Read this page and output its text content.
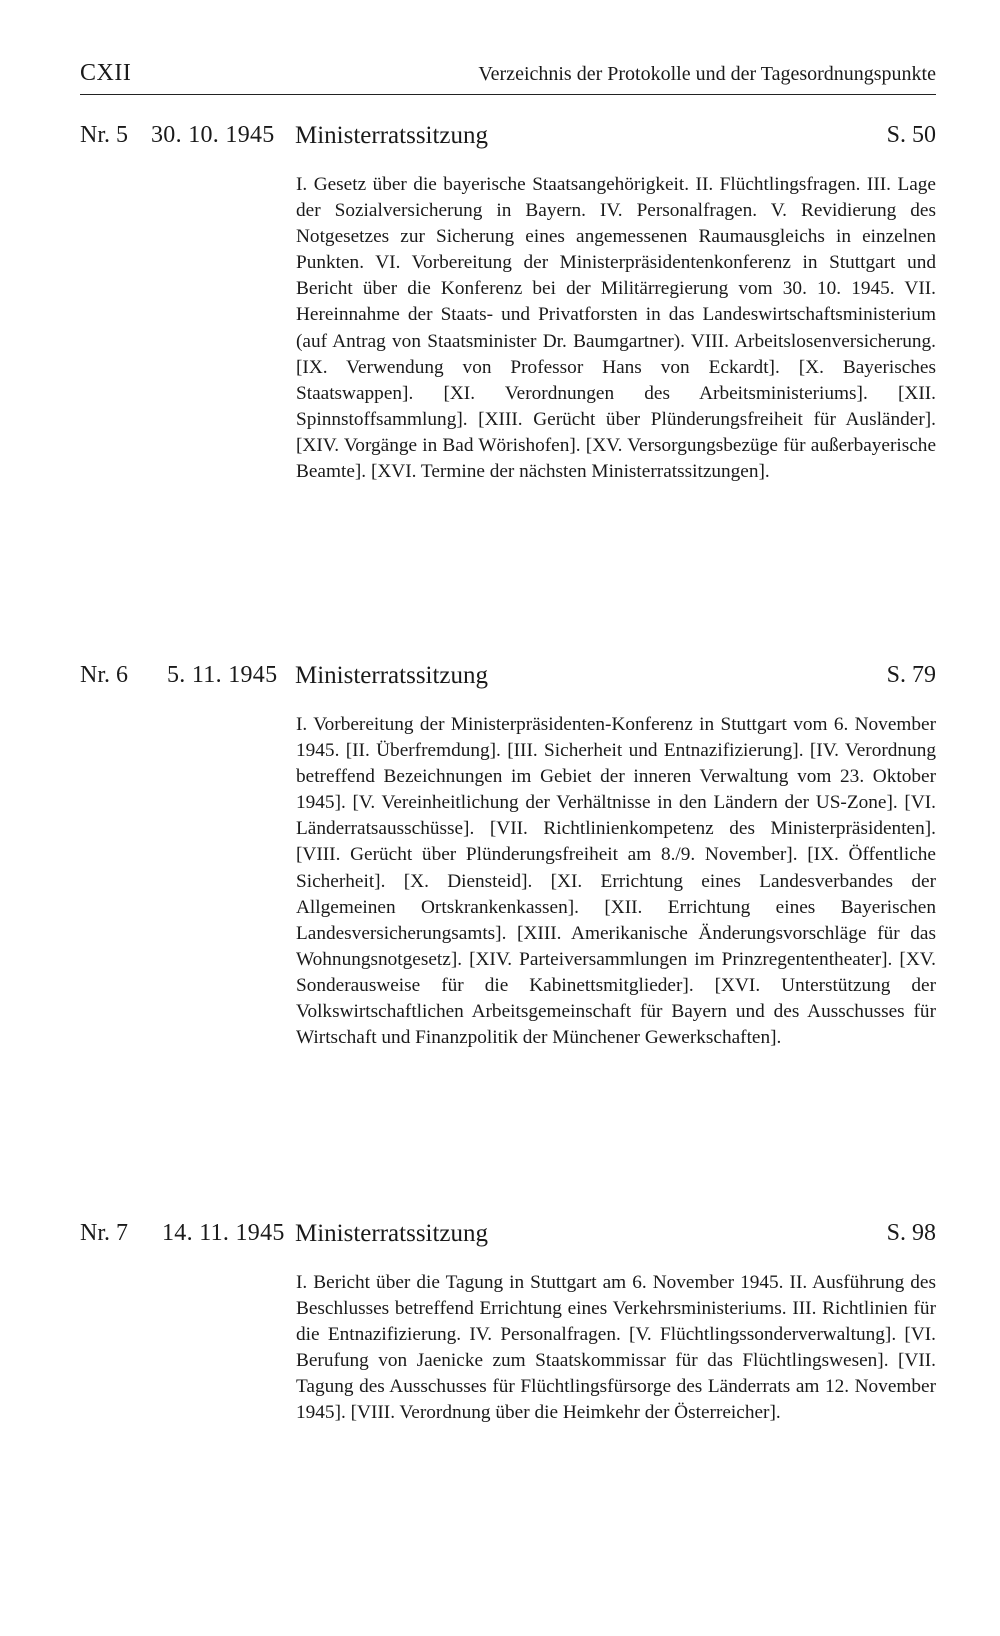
CXII	Verzeichnis der Protokolle und der Tagesordnungspunkte
Nr. 5 30. 10. 1945 Ministerratssitzung	S. 50

I. Gesetz über die bayerische Staatsangehörigkeit. II. Flüchtlingsfragen. III. Lage der Sozialversicherung in Bayern. IV. Personalfragen. V. Revidierung des Notgesetzes zur Sicherung eines angemessenen Raumausgleichs in einzelnen Punkten. VI. Vorbereitung der Ministerpräsidentenkonferenz in Stuttgart und Bericht über die Konferenz bei der Militärregierung vom 30. 10. 1945. VII. Hereinnahme der Staats- und Privatforsten in das Landeswirtschaftsministerium (auf Antrag von Staatsminister Dr. Baumgartner). VIII. Arbeitslosenversicherung. [IX. Verwendung von Professor Hans von Eckardt]. [X. Bayerisches Staatswappen]. [XI. Verordnungen des Arbeitsministeriums]. [XII. Spinnstoffsammlung]. [XIII. Gerücht über Plünderungsfreiheit für Ausländer]. [XIV. Vorgänge in Bad Wörishofen]. [XV. Versorgungsbezüge für außerbayerische Beamte]. [XVI. Termine der nächsten Ministerratssitzungen].

Nr. 6 5. 11. 1945 Ministerratssitzung	S. 79

I. Vorbereitung der Ministerpräsidenten-Konferenz in Stuttgart vom 6. November 1945. [II. Überfremdung]. [III. Sicherheit und Entnazifizierung]. [IV. Verordnung betreffend Bezeichnungen im Gebiet der inneren Verwaltung vom 23. Oktober 1945]. [V. Vereinheitlichung der Verhältnisse in den Ländern der US-Zone]. [VI. Länderratsausschüsse]. [VII. Richtlinienkompetenz des Ministerpräsidenten]. [VIII. Gerücht über Plünderungsfreiheit am 8./9. November]. [IX. Öffentliche Sicherheit]. [X. Diensteid]. [XI. Errichtung eines Landesverbandes der Allgemeinen Ortskrankenkassen]. [XII. Errichtung eines Bayerischen Landesversicherungsamts]. [XIII. Amerikanische Änderungsvorschläge für das Wohnungsnotgesetz]. [XIV. Parteiversammlungen im Prinzregententheater]. [XV. Sonderausweise für die Kabinettsmitglieder]. [XVI. Unterstützung der Volkswirtschaftlichen Arbeitsgemeinschaft für Bayern und des Ausschusses für Wirtschaft und Finanzpolitik der Münchener Gewerkschaften].

Nr. 7 14. 11. 1945 Ministerratssitzung	S. 98

I. Bericht über die Tagung in Stuttgart am 6. November 1945. II. Ausführung des Beschlusses betreffend Errichtung eines Verkehrsministeriums. III. Richtlinien für die Entnazifizierung. IV. Personalfragen. [V. Flüchtlingssonderverwaltung]. [VI. Berufung von Jaenicke zum Staatskommissar für das Flüchtlingswesen]. [VII. Tagung des Ausschusses für Flüchtlingsfürsorge des Länderrats am 12. November 1945]. [VIII. Verordnung über die Heimkehr der Österreicher].
